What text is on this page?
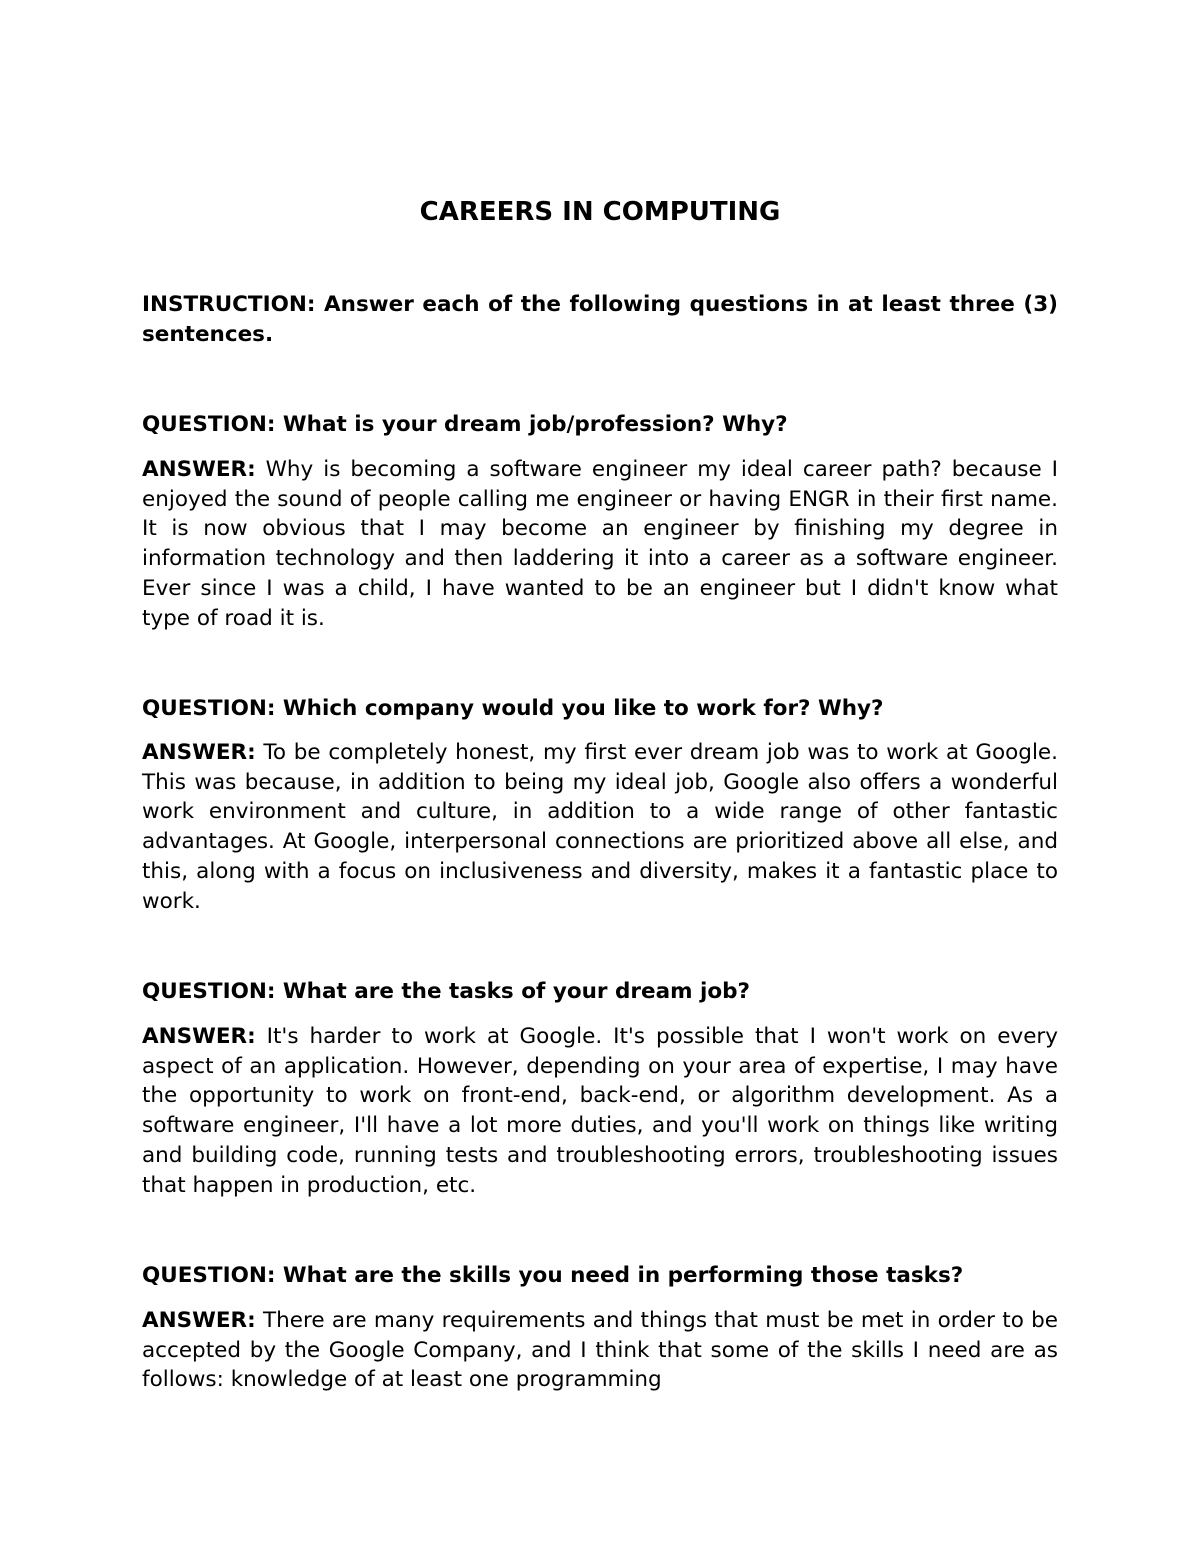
CAREERS IN COMPUTING

INSTRUCTION: Answer each of the following questions in at least three (3) sentences.

QUESTION: What is your dream job/profession? Why?

ANSWER: Why is becoming a software engineer my ideal career path? because I enjoyed the sound of people calling me engineer or having ENGR in their first name. It is now obvious that I may become an engineer by finishing my degree in information technology and then laddering it into a career as a software engineer. Ever since I was a child, I have wanted to be an engineer but I didn't know what type of road it is.

QUESTION: Which company would you like to work for? Why?

ANSWER: To be completely honest, my first ever dream job was to work at Google. This was because, in addition to being my ideal job, Google also offers a wonderful work environment and culture, in addition to a wide range of other fantastic advantages. At Google, interpersonal connections are prioritized above all else, and this, along with a focus on inclusiveness and diversity, makes it a fantastic place to work.

QUESTION: What are the tasks of your dream job?

ANSWER: It's harder to work at Google. It's possible that I won't work on every aspect of an application. However, depending on your area of expertise, I may have the opportunity to work on front-end, back-end, or algorithm development. As a software engineer, I'll have a lot more duties, and you'll work on things like writing and building code, running tests and troubleshooting errors, troubleshooting issues that happen in production, etc.

QUESTION: What are the skills you need in performing those tasks?

ANSWER: There are many requirements and things that must be met in order to be accepted by the Google Company, and I think that some of the skills I need are as follows: knowledge of at least one programming
